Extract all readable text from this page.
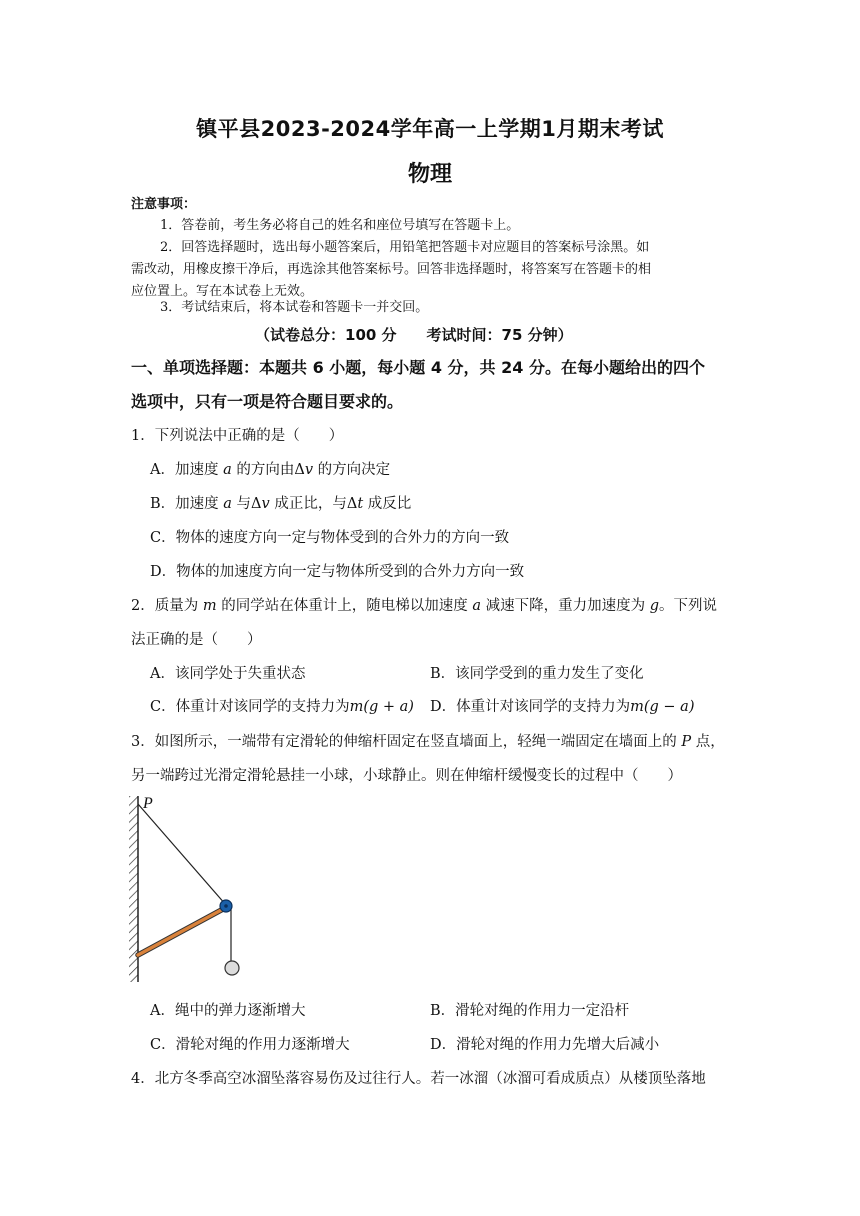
镇平县2023-2024学年高一上学期1月期末考试
物理
注意事项：
1．答卷前，考生务必将自己的姓名和座位号填写在答题卡上。
2．回答选择题时，选出每小题答案后，用铅笔把答题卡对应题目的答案标号涂黑。如
需改动，用橡皮擦干净后，再选涂其他答案标号。回答非选择题时，将答案写在答题卡的相
应位置上。写在本试卷上无效。
3．考试结束后，将本试卷和答题卡一并交回。
（试卷总分：100 分　　考试时间：75 分钟）
一、单项选择题：本题共 6 小题，每小题 4 分，共 24 分。在每小题给出的四个
选项中，只有一项是符合题目要求的。
1．下列说法中正确的是（　　）
A．加速度 a 的方向由Δv 的方向决定
B．加速度 a 与Δv 成正比，与Δt 成反比
C．物体的速度方向一定与物体受到的合外力的方向一致
D．物体的加速度方向一定与物体所受到的合外力方向一致
2．质量为 m 的同学站在体重计上，随电梯以加速度 a 减速下降，重力加速度为 g。下列说
法正确的是（　　）
A．该同学处于失重状态	B．该同学受到的重力发生了变化
C．体重计对该同学的支持力为m(g + a) D．体重计对该同学的支持力为m(g − a)
3．如图所示，一端带有定滑轮的伸缩杆固定在竖直墙面上，轻绳一端固定在墙面上的 P 点，
另一端跨过光滑定滑轮悬挂一小球，小球静止。则在伸缩杆缓慢变长的过程中（　　）
P
A．绳中的弹力逐渐增大	B．滑轮对绳的作用力一定沿杆
C．滑轮对绳的作用力逐渐增大	D．滑轮对绳的作用力先增大后减小
4．北方冬季高空冰溜坠落容易伤及过往行人。若一冰溜（冰溜可看成质点）从楼顶坠落地
